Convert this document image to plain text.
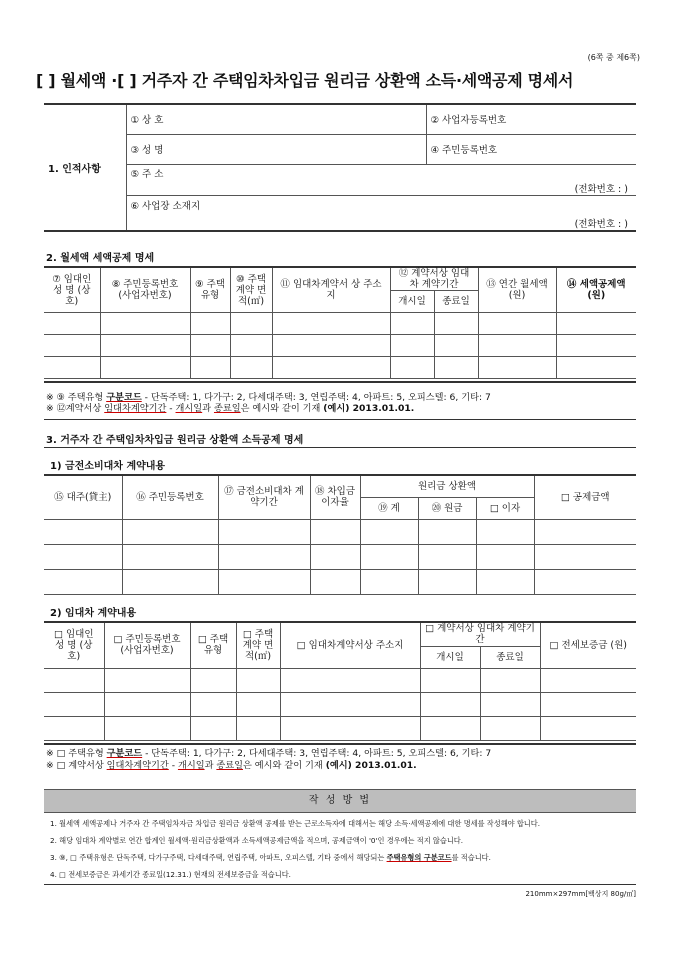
(6쪽 중 제6쪽)
[ ] 월세액 ·[ ] 거주자 간 주택임차차입금 원리금 상환액 소득·세액공제 명세서
1. 인적사항	① 상 호	② 사업자등록번호
	③ 성 명	④ 주민등록번호
	⑤ 주 소	
	(전화번호 : )	
	⑥ 사업장 소재지
(전화번호 : )	
2. 월세액 세액공제 명세
⑦ 임대인 성 명 (상 호)	⑧ 주민등록번호 (사업자번호)	⑨ 주택 유형	⑩ 주택 계약 면적(㎡)	⑪ 임대차계약서 상 주소지	⑫ 계약서상 임대차 계약기간		⑬ 연간 월세액(원)	⑭ 세액공제액 (원)
					개시일	종료일		

※ ⑨ 주택유형 구분코드 - 단독주택: 1, 다가구: 2, 다세대주택: 3, 연립주택: 4, 아파트: 5, 오피스텔: 6, 기타: 7
※ ⑫계약서상 임대차계약기간 - 개시일과 종료일은 예시와 같이 기재 (예시) 2013.01.01.
3. 거주자 간 주택임차차입금 원리금 상환액 소득공제 명세
1) 금전소비대차 계약내용
⑮ 대주(貸主)	⑯ 주민등록번호	⑰ 금전소비대차 계약기간	⑱ 차입금 이자율	원리금 상환액			□ 공제금액
				⑲ 계	⑳ 원금	□ 이자	

2) 임대차 계약내용
□ 임대인 성 명 (상 호)	□ 주민등록번호 (사업자번호)	□ 주택 유형	□ 주택 계약 면적(㎡)	□ 임대차계약서상 주소지	□ 계약서상 임대차 계약기간		□ 전세보증금 (원)
					개시일	종료일	

※ □ 주택유형 구분코드 - 단독주택: 1, 다가구: 2, 다세대주택: 3, 연립주택: 4, 아파트: 5, 오피스텔: 6, 기타: 7
※ □ 계약서상 임대차계약기간 - 개시일과 종료일은 예시와 같이 기재 (예시) 2013.01.01.
작 성 방 법
1. 월세액 세액공제나 거주자 간 주택임차자금 차입금 원리금 상환액 공제를 받는 근로소득자에 대해서는 해당 소득·세액공제에 대한 명세를 작성해야 합니다.
2. 해당 임대차 계약별로 연간 합계인 월세액·원리금상환액과 소득세액공제금액을 적으며, 공제금액이 '0'인 경우에는 적지 않습니다.
3. ⑨, □ 주택유형은 단독주택, 다가구주택, 다세대주택, 연립주택, 아파트, 오피스텔, 기타 중에서 해당되는 주택유형의 구분코드를 적습니다.
4. □ 전세보증금은 과세기간 종료일(12.31.) 현재의 전세보증금을 적습니다.
210mm×297mm[백상지 80g/㎡]
